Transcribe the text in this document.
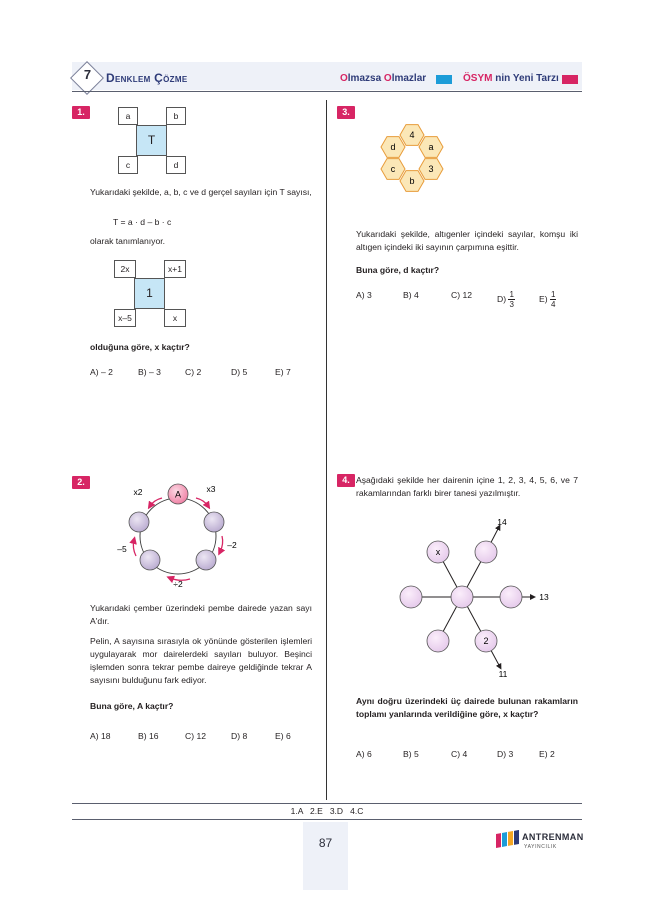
7	Denklem Çözme	Olmazsa Olmazlar	ÖSYM nin Yeni Tarzı
1.	a	b
T
c	d
Yukarıdaki şekilde, a, b, c ve d gerçel sayıları için T sayısı,
T = a · d – b · c
olarak tanımlanıyor.
2x	x+1
1
x–5	x
olduğuna göre, x kaçtır?
A) – 2	B) – 3	C) 2	D) 5	E) 7
2.
A
x2	x3
–2
÷2
–5
Yukarıdaki çember üzerindeki pembe dairede yazan sayı A'dır.
Pelin, A sayısına sırasıyla ok yönünde gösterilen işlemleri uygulayarak mor dairelerdeki sayıları buluyor. Beşinci işlemden sonra tekrar pembe daireye geldiğinde tekrar A sayısını bulduğunu fark ediyor.
Buna göre, A kaçtır?
A) 18	B) 16	C) 12	D) 8	E) 6
3.
4
d	a
c	3
b
Yukarıdaki şekilde, altıgenler içindeki sayılar, komşu iki altıgen içindeki iki sayının çarpımına eşittir.
Buna göre, d kaçtır?
A) 3	B) 4	C) 12	$D) \frac{1}{3}$	$E) \frac{1}{4}$
4. Aşağıdaki şekilde her dairenin içine 1, 2, 3, 4, 5, 6, ve 7 rakamlarından farklı birer tanesi yazılmıştır.
x
2
14
13
11
Aynı doğru üzerindeki üç dairede bulunan rakamların toplamı yanlarında verildiğine göre, x kaçtır?
A) 6	B) 5	C) 4	D) 3	E) 2
1.A   2.E   3.D   4.C
87	ANTRENMAN
YAYINCILIK
